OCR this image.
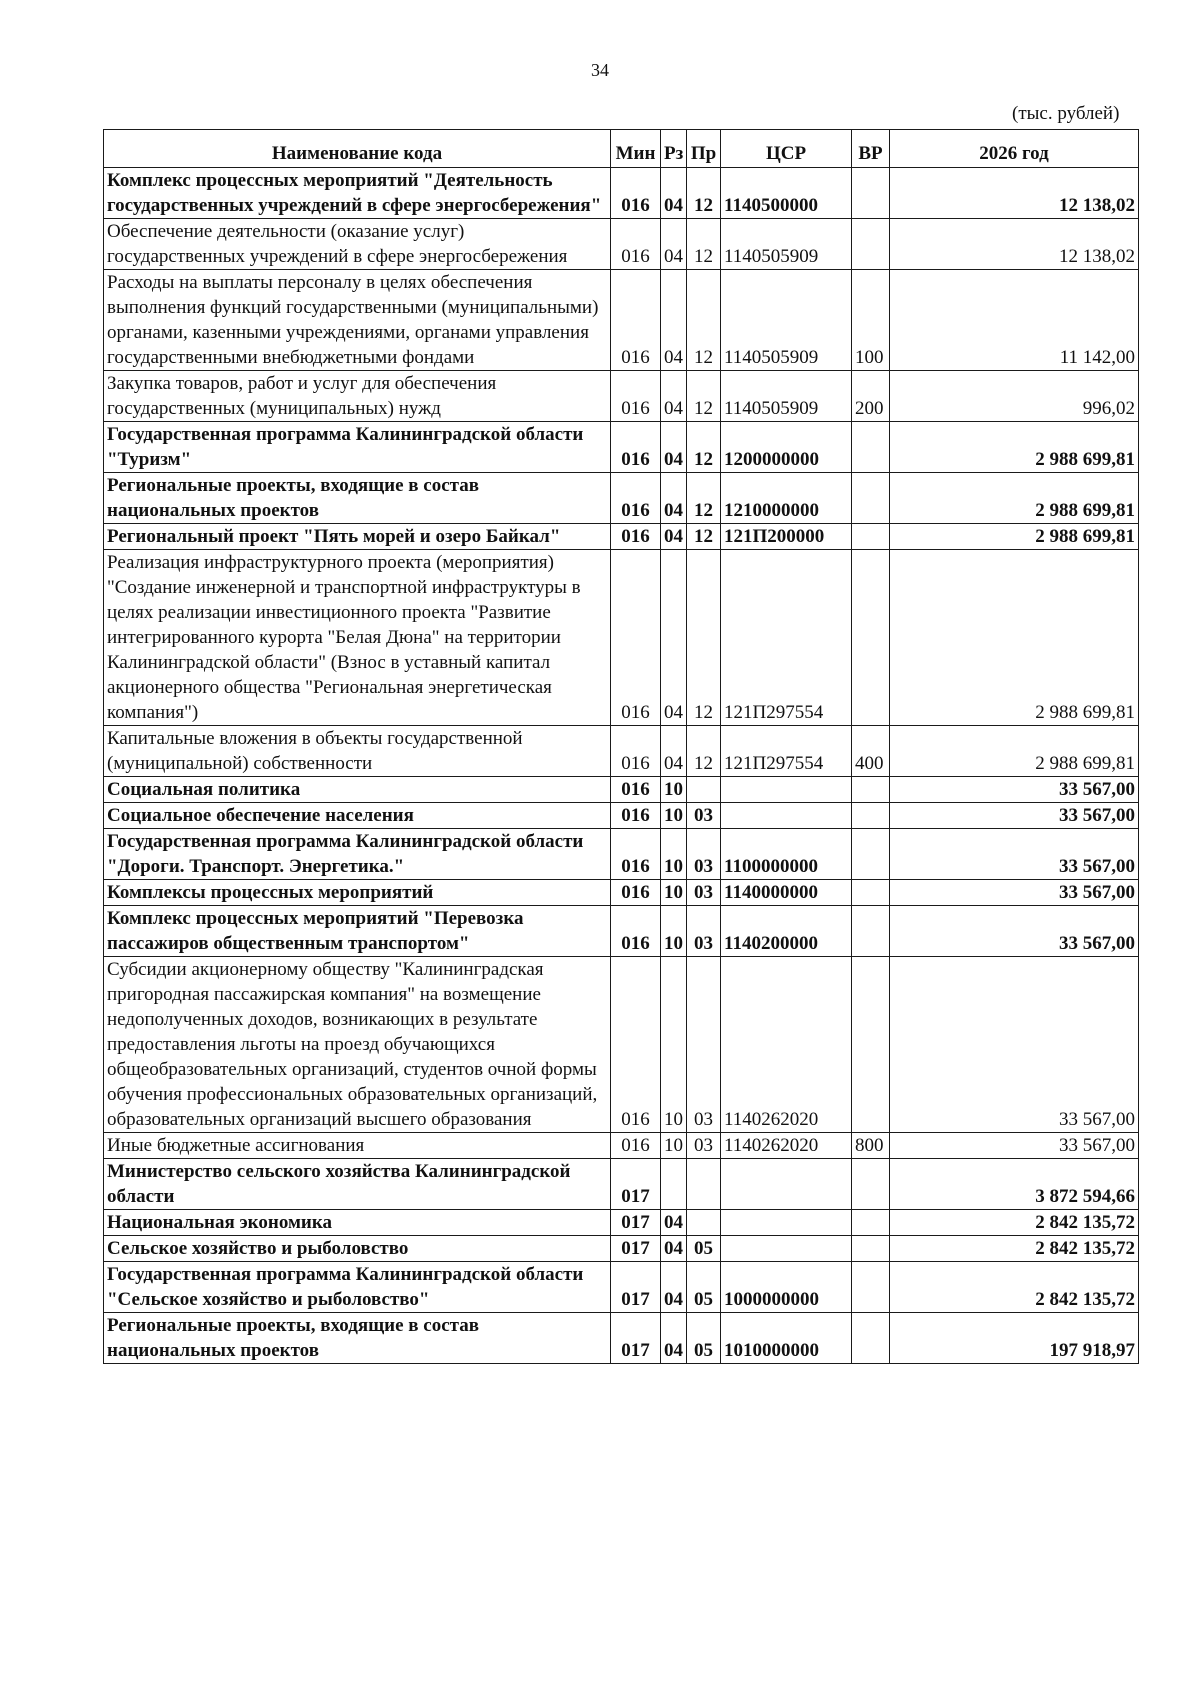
34
(тыс. рублей)
Наименование кода	Мин	Рз	Пр	ЦСР	ВР	2026 год
Комплекс процессных мероприятий "Деятельность государственных учреждений в сфере энергосбережения"	016	04	12	1140500000		12 138,02
Обеспечение деятельности (оказание услуг) государственных учреждений в сфере энергосбережения	016	04	12	1140505909		12 138,02
Расходы на выплаты персоналу в целях обеспечения выполнения функций государственными (муниципальными) органами, казенными учреждениями, органами управления государственными внебюджетными фондами	016	04	12	1140505909	100	11 142,00
Закупка товаров, работ и услуг для обеспечения государственных (муниципальных) нужд	016	04	12	1140505909	200	996,02
Государственная программа Калининградской области "Туризм"	016	04	12	1200000000		2 988 699,81
Региональные проекты, входящие в состав национальных проектов	016	04	12	1210000000		2 988 699,81
Региональный проект "Пять морей и озеро Байкал"	016	04	12	121П200000		2 988 699,81
Реализация инфраструктурного проекта (мероприятия) "Создание инженерной и транспортной инфраструктуры в целях реализации инвестиционного проекта "Развитие интегрированного курорта "Белая Дюна" на территории Калининградской области" (Взнос в уставный капитал акционерного общества "Региональная энергетическая компания")	016	04	12	121П297554		2 988 699,81
Капитальные вложения в объекты государственной (муниципальной) собственности	016	04	12	121П297554	400	2 988 699,81
Социальная политика	016	10				33 567,00
Социальное обеспечение населения	016	10	03			33 567,00
Государственная программа Калининградской области "Дороги. Транспорт. Энергетика."	016	10	03	1100000000		33 567,00
Комплексы процессных мероприятий	016	10	03	1140000000		33 567,00
Комплекс процессных мероприятий "Перевозка пассажиров общественным транспортом"	016	10	03	1140200000		33 567,00
Субсидии акционерному обществу "Калининградская пригородная пассажирская компания" на возмещение недополученных доходов, возникающих в результате предоставления льготы на проезд обучающихся общеобразовательных организаций, студентов очной формы обучения профессиональных образовательных организаций, образовательных организаций высшего образования	016	10	03	1140262020		33 567,00
Иные бюджетные ассигнования	016	10	03	1140262020	800	33 567,00
Министерство сельского хозяйства Калининградской области	017					3 872 594,66
Национальная экономика	017	04				2 842 135,72
Сельское хозяйство и рыболовство	017	04	05			2 842 135,72
Государственная программа Калининградской области "Сельское хозяйство и рыболовство"	017	04	05	1000000000		2 842 135,72
Региональные проекты, входящие в состав национальных проектов	017	04	05	1010000000		197 918,97
